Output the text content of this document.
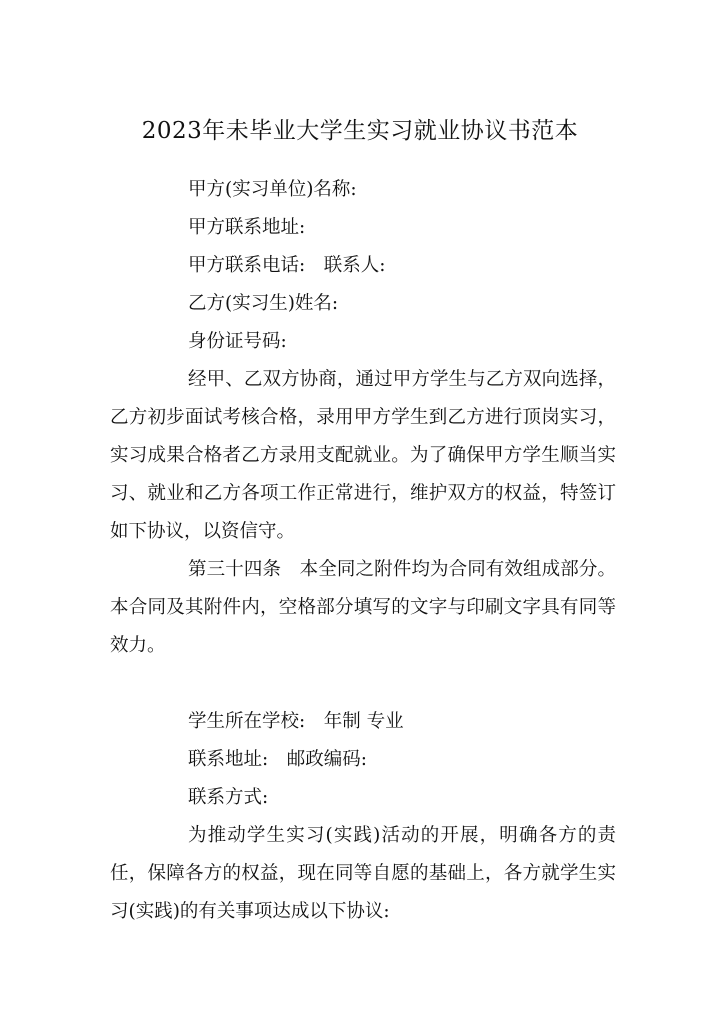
2023年未毕业大学生实习就业协议书范本

甲方(实习单位)名称:

甲方联系地址:

甲方联系电话:　联系人:

乙方(实习生)姓名:

身份证号码:

经甲、乙双方协商，通过甲方学生与乙方双向选择，乙方初步面试考核合格，录用甲方学生到乙方进行顶岗实习，实习成果合格者乙方录用支配就业。为了确保甲方学生顺当实习、就业和乙方各项工作正常进行，维护双方的权益，特签订如下协议，以资信守。

第三十四条　本全同之附件均为合同有效组成部分。本合同及其附件内，空格部分填写的文字与印刷文字具有同等效力。

学生所在学校:　年制 专业

联系地址:　邮政编码:

联系方式:

为推动学生实习(实践)活动的开展，明确各方的责任，保障各方的权益，现在同等自愿的基础上，各方就学生实习(实践)的有关事项达成以下协议:
